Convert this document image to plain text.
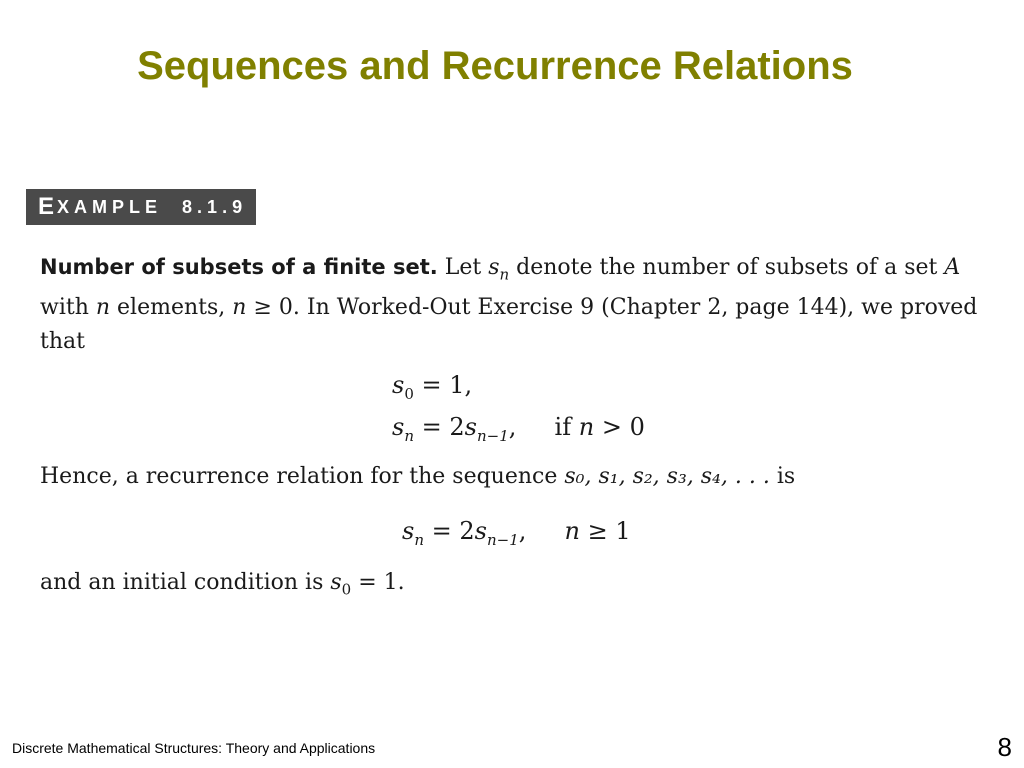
Sequences and Recurrence Relations
E XAMPLE
8.1.9
Number of subsets of a finite set. Let $s_n$ denote the number of subsets of a set A with n elements, n ≥ 0. In Worked-Out Exercise 9 (Chapter 2, page 144), we proved that
$s_0 = 1$,
$s_n = 2s_{n-1}$, if n > 0
Hence, a recurrence relation for the sequence s₀, s₁, s₂, s₃, s₄, . . . is
$s_n = 2s_{n-1}$, n ≥ 1
and an initial condition is $s_0 = 1$.
Discrete Mathematical Structures: Theory and Applications	8
